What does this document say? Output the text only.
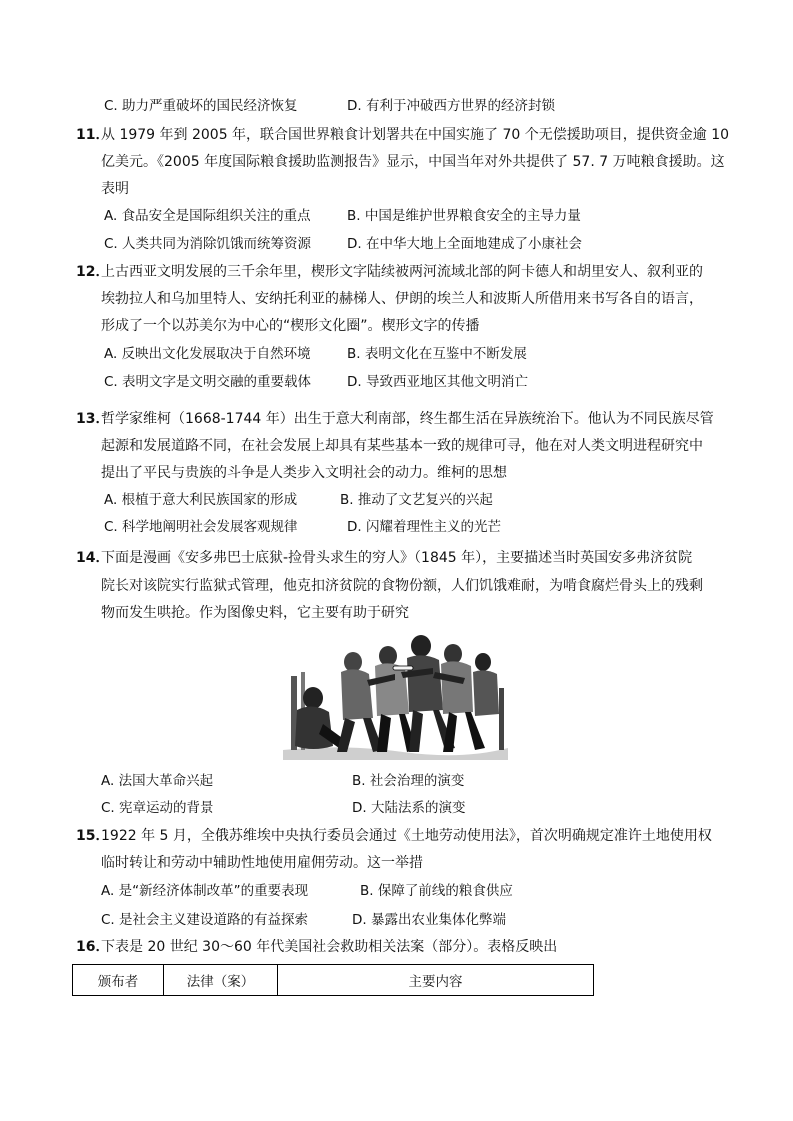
C. 助力严重破坏的国民经济恢复	D. 有利于冲破西方世界的经济封锁
11．
从 1979 年到 2005 年，联合国世界粮食计划署共在中国实施了 70 个无偿援助项目，提供资金逾 10
亿美元。《2005 年度国际粮食援助监测报告》显示，中国当年对外共提供了 57. 7 万吨粮食援助。这
表明
A. 食品安全是国际组织关注的重点	B. 中国是维护世界粮食安全的主导力量
C. 人类共同为消除饥饿而统筹资源	D. 在中华大地上全面地建成了小康社会
12．
上古西亚文明发展的三千余年里，楔形文字陆续被两河流域北部的阿卡德人和胡里安人、叙利亚的
埃勃拉人和乌加里特人、安纳托利亚的赫梯人、伊朗的埃兰人和波斯人所借用来书写各自的语言，
形成了一个以苏美尔为中心的“楔形文化圈”。楔形文字的传播
A. 反映出文化发展取决于自然环境	B. 表明文化在互鉴中不断发展
C. 表明文字是文明交融的重要载体	D. 导致西亚地区其他文明消亡
13．
哲学家维柯（1668-1744 年）出生于意大利南部，终生都生活在异族统治下。他认为不同民族尽管
起源和发展道路不同，在社会发展上却具有某些基本一致的规律可寻，他在对人类文明进程研究中
提出了平民与贵族的斗争是人类步入文明社会的动力。维柯的思想
A. 根植于意大利民族国家的形成	B. 推动了文艺复兴的兴起
C. 科学地阐明社会发展客观规律	D. 闪耀着理性主义的光芒
14．
下面是漫画《安多弗巴士底狱-捡骨头求生的穷人》（1845 年），主要描述当时英国安多弗济贫院
院长对该院实行监狱式管理，他克扣济贫院的食物份额，人们饥饿难耐，为啃食腐烂骨头上的残剩
物而发生哄抢。作为图像史料，它主要有助于研究
A. 法国大革命兴起	B. 社会治理的演变
C. 宪章运动的背景	D. 大陆法系的演变
15．
1922 年 5 月，全俄苏维埃中央执行委员会通过《土地劳动使用法》，首次明确规定准许土地使用权
临时转让和劳动中辅助性地使用雇佣劳动。这一举措
A. 是“新经济体制改革”的重要表现	B. 保障了前线的粮食供应
C. 是社会主义建设道路的有益探索	D. 暴露出农业集体化弊端
16．
下表是 20 世纪 30～60 年代美国社会救助相关法案（部分）。表格反映出
颁布者	法律（案）	主要内容
